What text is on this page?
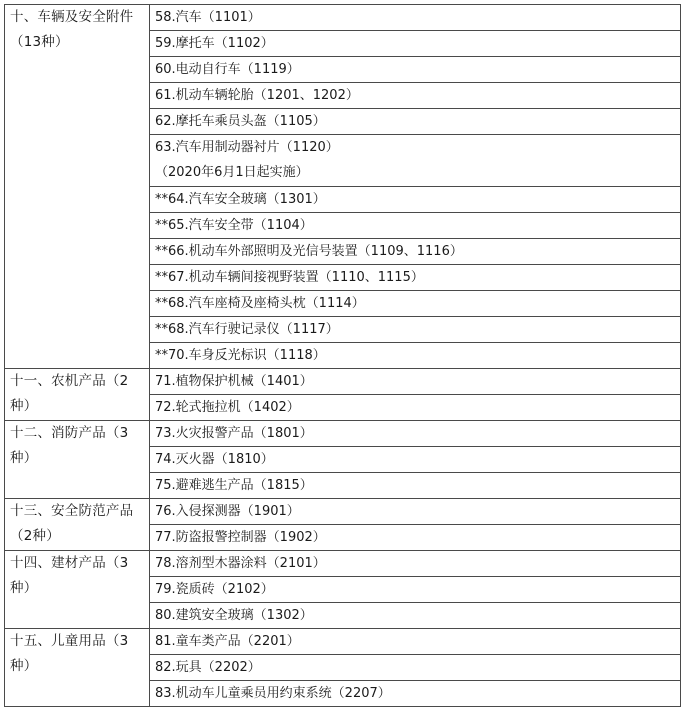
十、车辆及安全附件（13种）	58.汽车（1101）
	59.摩托车（1102）
	60.电动自行车（1119）
	61.机动车辆轮胎（1201、1202）
	62.摩托车乘员头盔（1105）

	63.汽车用制动器衬片（1120）
（2020年6月1日起实施）

	**64.汽车安全玻璃（1301）
	**65.汽车安全带（1104）
	**66.机动车外部照明及光信号装置（1109、1116）
	**67.机动车辆间接视野装置（1110、1115）
	**68.汽车座椅及座椅头枕（1114）
	**68.汽车行驶记录仪（1117）
	**70.车身反光标识（1118）
十一、农机产品（2种）	71.植物保护机械（1401）
	72.轮式拖拉机（1402）
十二、消防产品（3种）	73.火灾报警产品（1801）
	74.灭火器（1810）
	75.避难逃生产品（1815）
十三、安全防范产品（2种）	76.入侵探测器（1901）
	77.防盗报警控制器（1902）
十四、建材产品（3种）	78.溶剂型木器涂料（2101）
	79.瓷质砖（2102）
	80.建筑安全玻璃（1302）
十五、儿童用品（3种）	81.童车类产品（2201）
	82.玩具（2202）
	83.机动车儿童乘员用约束系统（2207）
